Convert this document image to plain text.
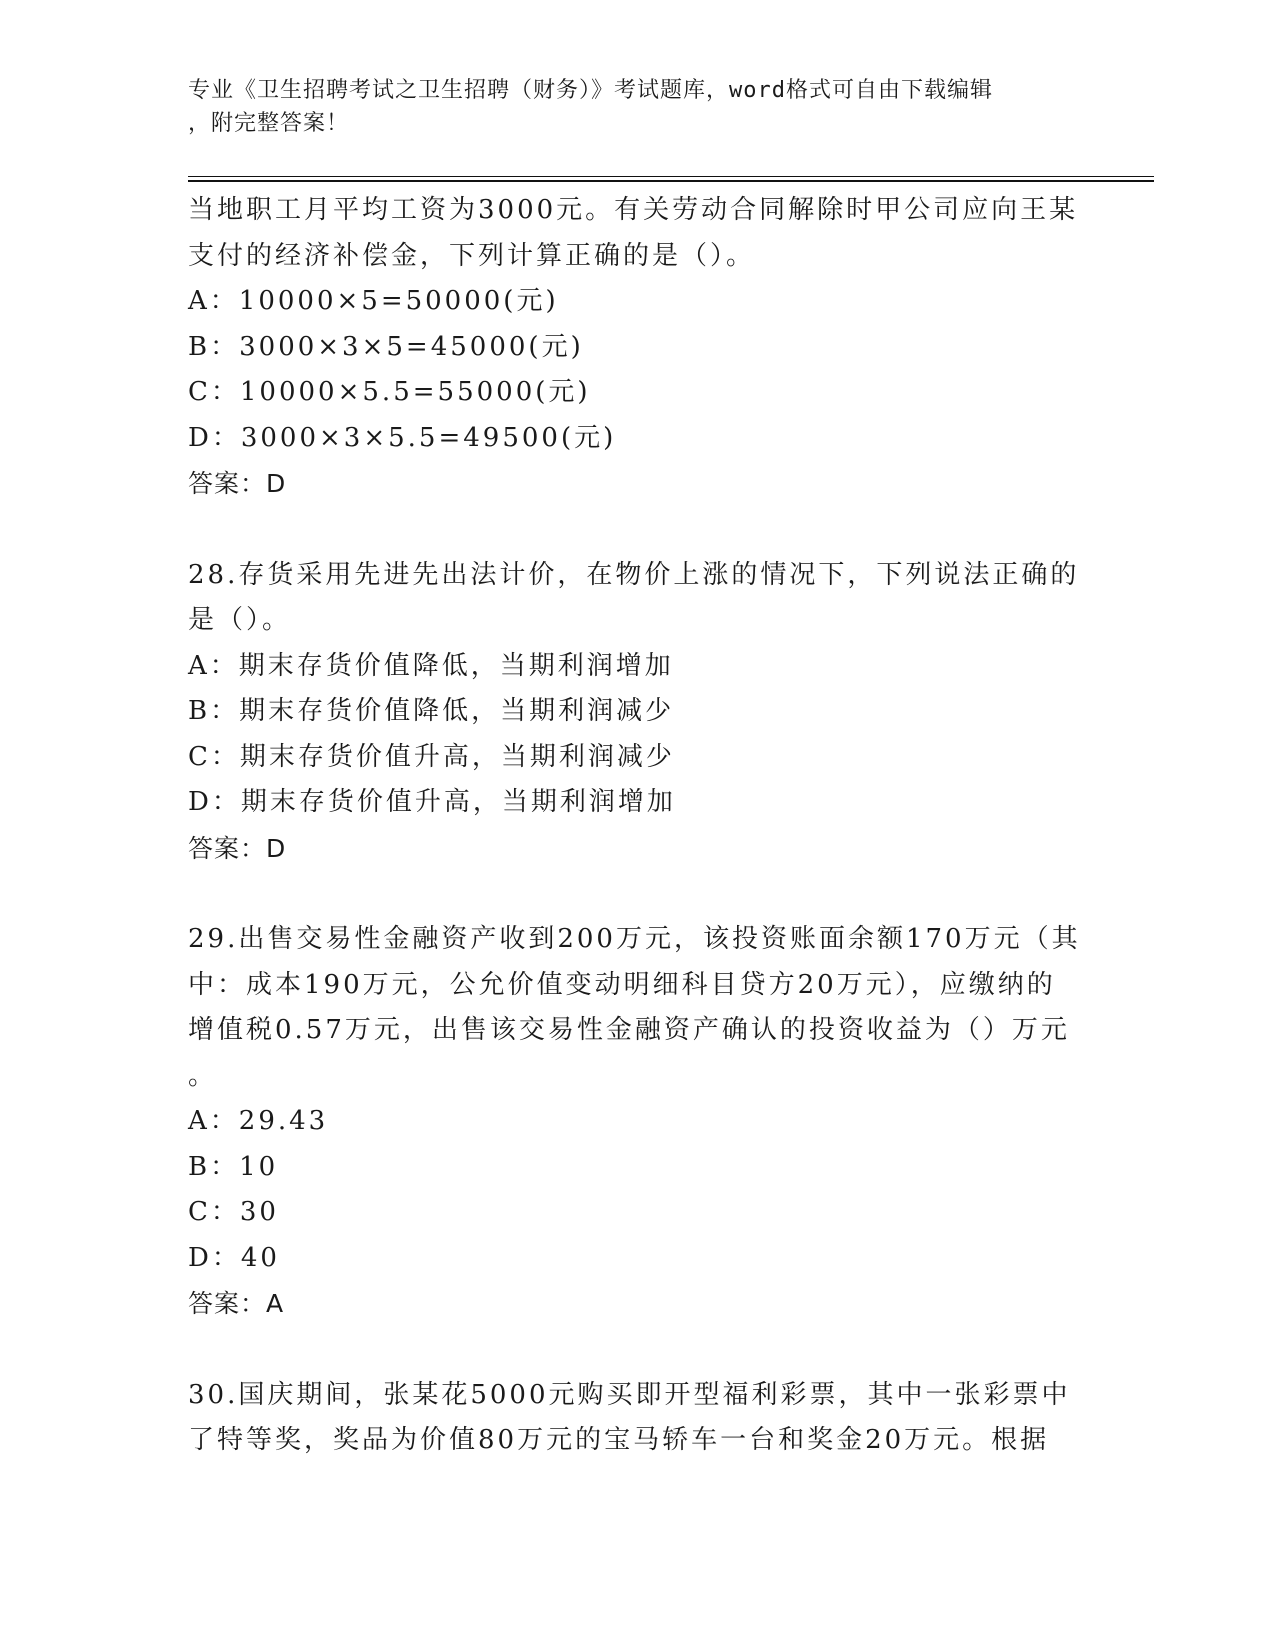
专业《卫生招聘考试之卫生招聘（财务）》考试题库，word格式可自由下载编辑
，附完整答案！
当地职工月平均工资为3000元。有关劳动合同解除时甲公司应向王某
支付的经济补偿金，下列计算正确的是（）。
A：10000×5=50000(元)
B：3000×3×5=45000(元)
C：10000×5.5=55000(元)
D：3000×3×5.5=49500(元)
答案：D
28.存货采用先进先出法计价，在物价上涨的情况下，下列说法正确的
是（）。
A：期末存货价值降低，当期利润增加
B：期末存货价值降低，当期利润减少
C：期末存货价值升高，当期利润减少
D：期末存货价值升高，当期利润增加
答案：D
29.出售交易性金融资产收到200万元，该投资账面余额170万元（其
中：成本190万元，公允价值变动明细科目贷方20万元），应缴纳的
增值税0.57万元，出售该交易性金融资产确认的投资收益为（）万元
。
A：29.43
B：10
C：30
D：40
答案：A
30.国庆期间，张某花5000元购买即开型福利彩票，其中一张彩票中
了特等奖，奖品为价值80万元的宝马轿车一台和奖金20万元。根据
